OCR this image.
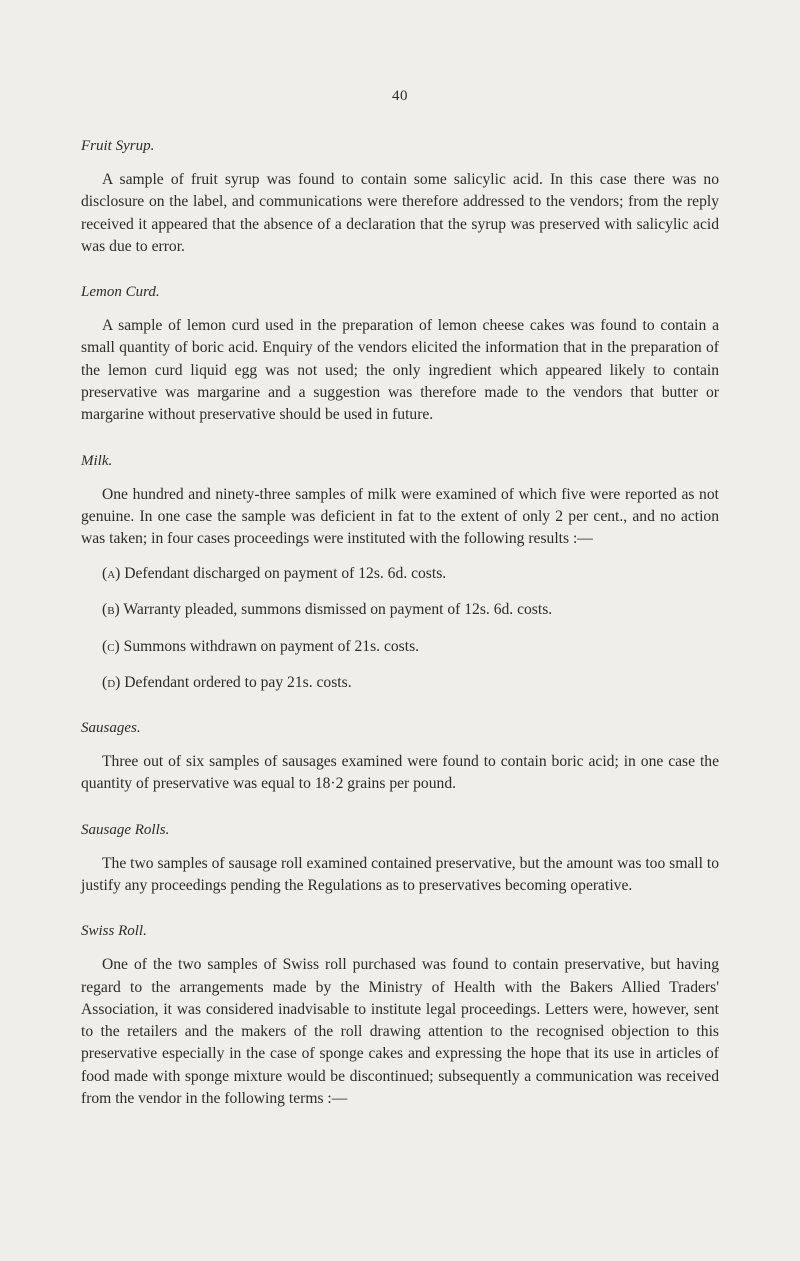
40

Fruit Syrup.

A sample of fruit syrup was found to contain some salicylic acid. In this case there was no disclosure on the label, and communications were therefore addressed to the vendors; from the reply received it appeared that the absence of a declaration that the syrup was preserved with salicylic acid was due to error.

Lemon Curd.

A sample of lemon curd used in the preparation of lemon cheese cakes was found to contain a small quantity of boric acid. Enquiry of the vendors elicited the information that in the preparation of the lemon curd liquid egg was not used; the only ingredient which appeared likely to contain preservative was margarine and a suggestion was therefore made to the vendors that butter or margarine without preservative should be used in future.

Milk.

One hundred and ninety-three samples of milk were examined of which five were reported as not genuine. In one case the sample was deficient in fat to the extent of only 2 per cent., and no action was taken; in four cases proceedings were instituted with the following results :—

(a) Defendant discharged on payment of 12s. 6d. costs.
(b) Warranty pleaded, summons dismissed on payment of 12s. 6d. costs.
(c) Summons withdrawn on payment of 21s. costs.
(d) Defendant ordered to pay 21s. costs.

Sausages.

Three out of six samples of sausages examined were found to contain boric acid; in one case the quantity of preservative was equal to 18·2 grains per pound.

Sausage Rolls.

The two samples of sausage roll examined contained preservative, but the amount was too small to justify any proceedings pending the Regulations as to preservatives becoming operative.

Swiss Roll.

One of the two samples of Swiss roll purchased was found to contain preservative, but having regard to the arrangements made by the Ministry of Health with the Bakers Allied Traders' Association, it was considered inadvisable to institute legal proceedings. Letters were, however, sent to the retailers and the makers of the roll drawing attention to the recognised objection to this preservative especially in the case of sponge cakes and expressing the hope that its use in articles of food made with sponge mixture would be discontinued; subsequently a communication was received from the vendor in the following terms :—
